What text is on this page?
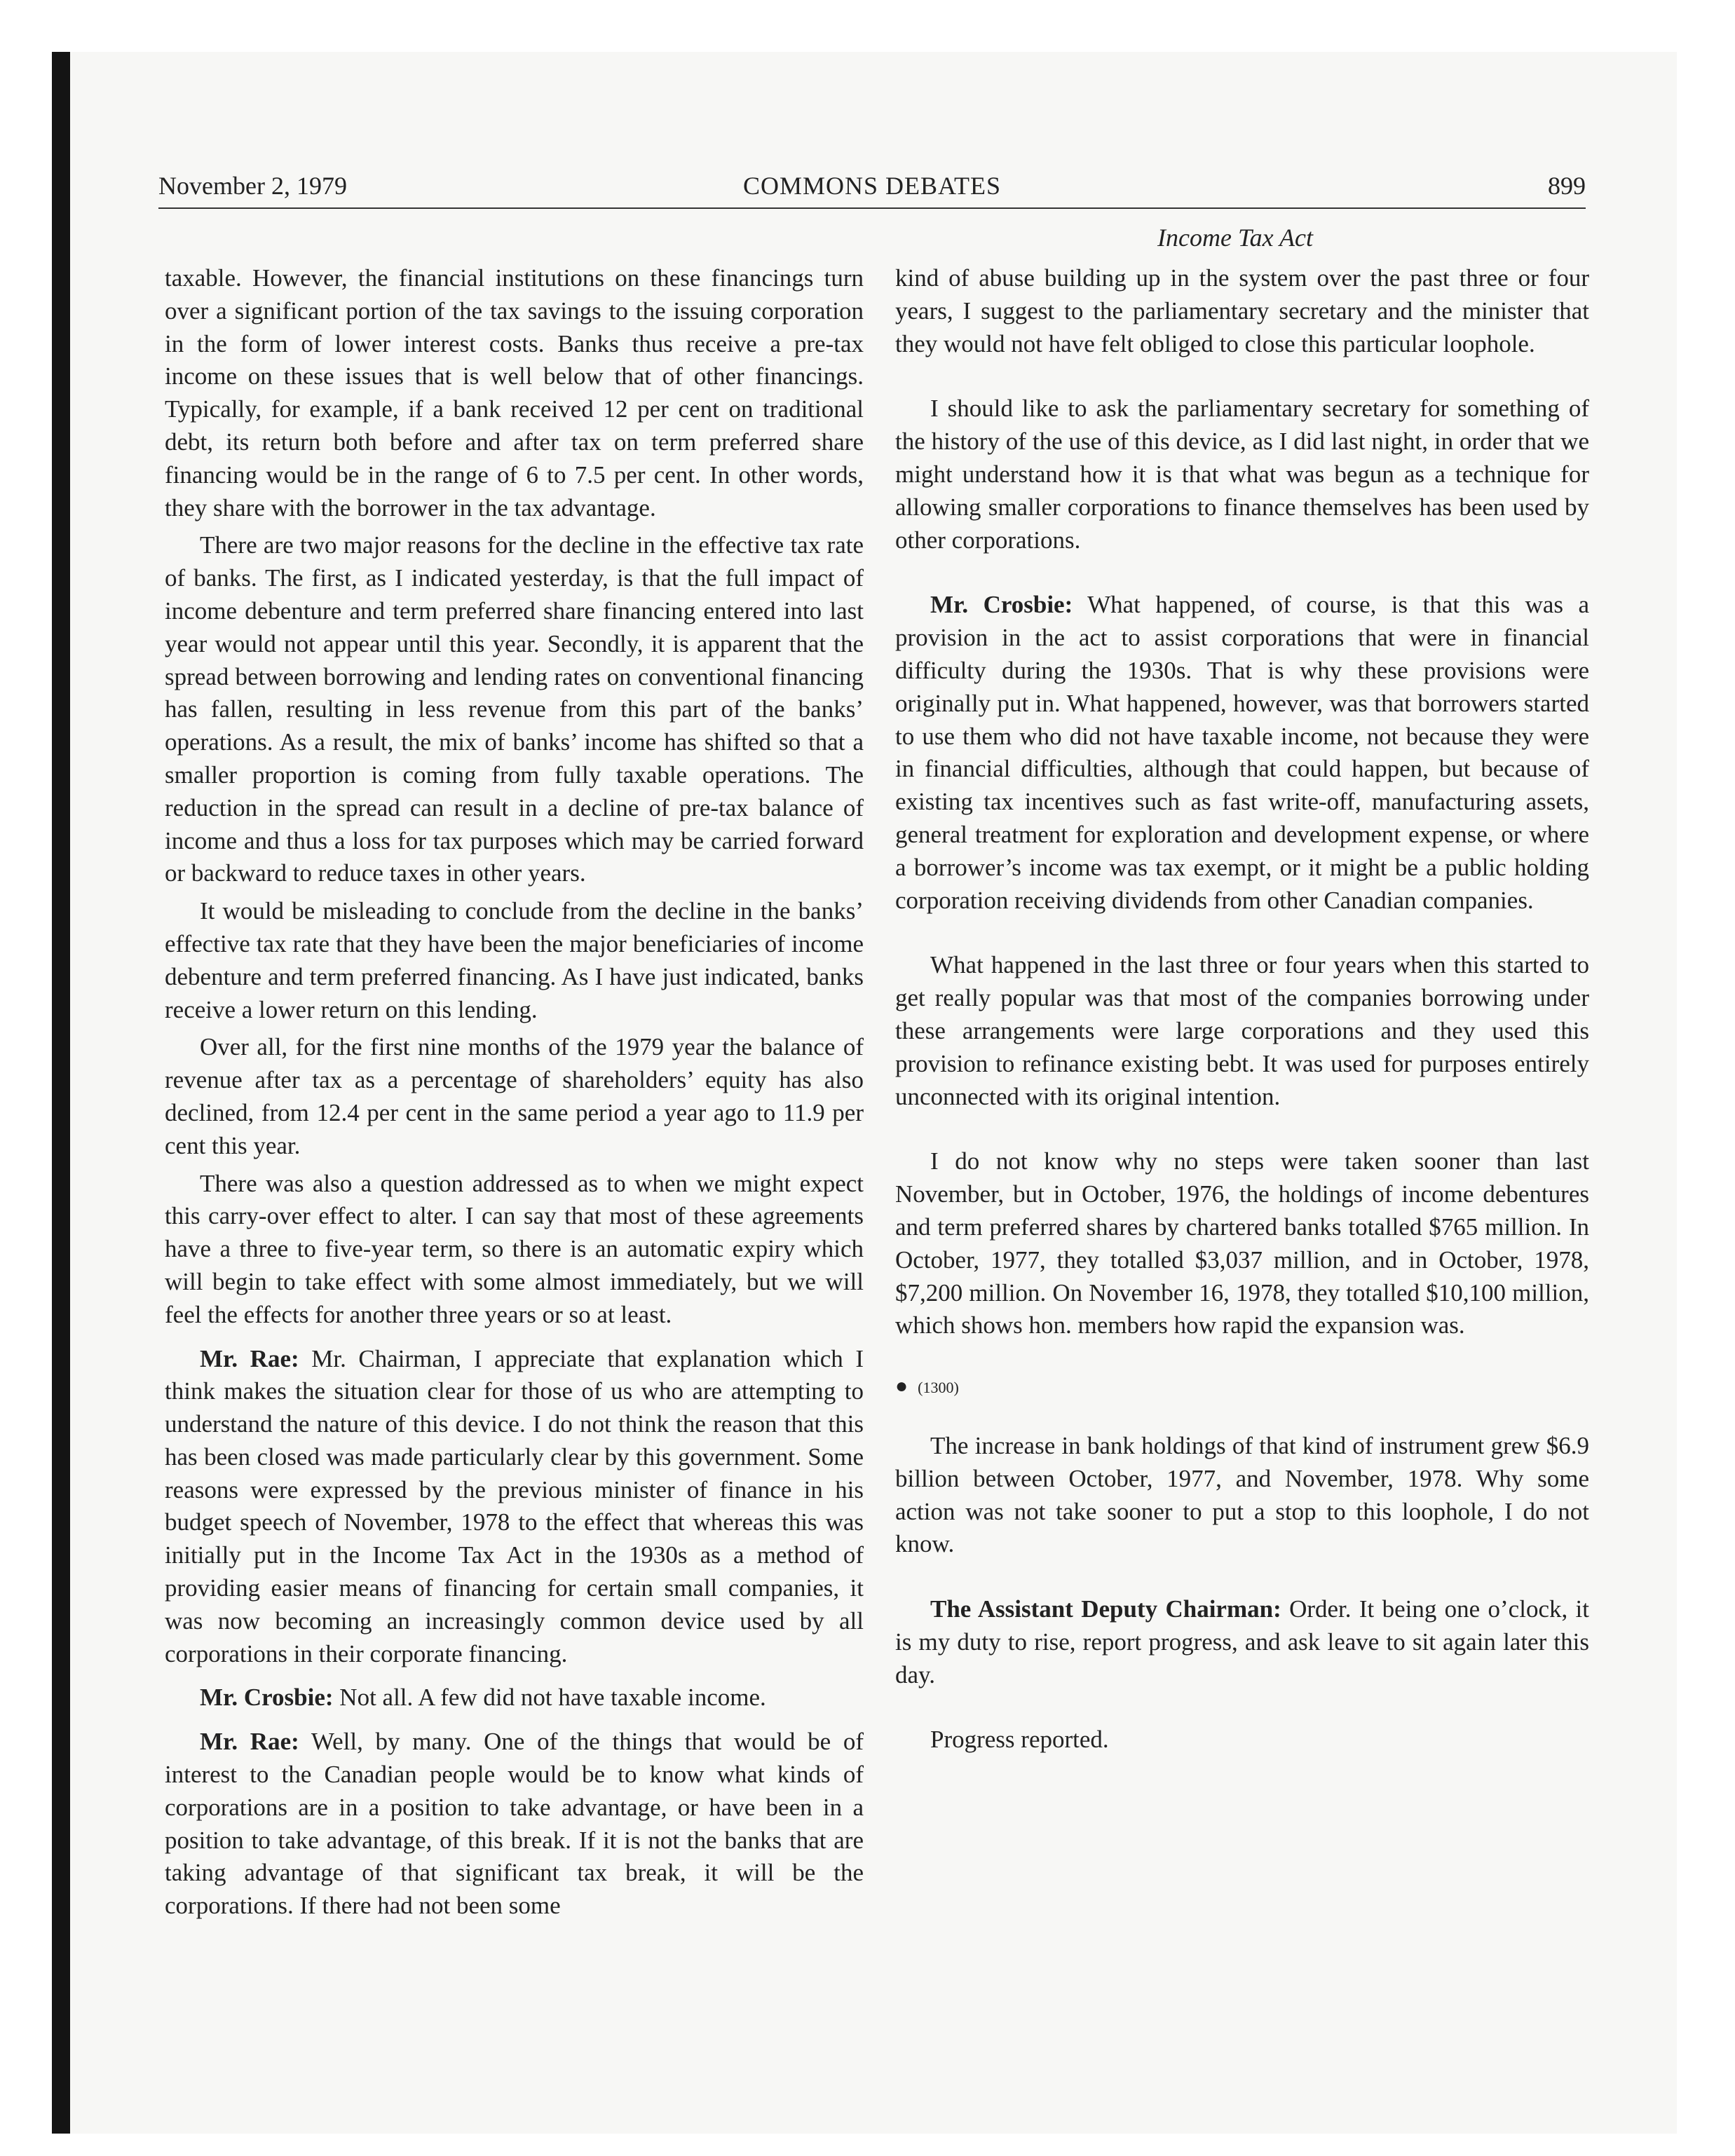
November 2, 1979	COMMONS DEBATES	899
Income Tax Act

taxable. However, the financial institutions on these financings turn over a significant portion of the tax savings to the issuing corporation in the form of lower interest costs. Banks thus receive a pre-tax income on these issues that is well below that of other financings. Typically, for example, if a bank received 12 per cent on traditional debt, its return both before and after tax on term preferred share financing would be in the range of 6 to 7.5 per cent. In other words, they share with the borrower in the tax advantage.

There are two major reasons for the decline in the effective tax rate of banks. The first, as I indicated yesterday, is that the full impact of income debenture and term preferred share financing entered into last year would not appear until this year. Secondly, it is apparent that the spread between borrowing and lending rates on conventional financing has fallen, resulting in less revenue from this part of the banks’ operations. As a result, the mix of banks’ income has shifted so that a smaller proportion is coming from fully taxable operations. The reduction in the spread can result in a decline of pre-tax balance of income and thus a loss for tax purposes which may be carried forward or backward to reduce taxes in other years.

It would be misleading to conclude from the decline in the banks’ effective tax rate that they have been the major beneficiaries of income debenture and term preferred financing. As I have just indicated, banks receive a lower return on this lending.

Over all, for the first nine months of the 1979 year the balance of revenue after tax as a percentage of shareholders’ equity has also declined, from 12.4 per cent in the same period a year ago to 11.9 per cent this year.

There was also a question addressed as to when we might expect this carry-over effect to alter. I can say that most of these agreements have a three to five-year term, so there is an automatic expiry which will begin to take effect with some almost immediately, but we will feel the effects for another three years or so at least.

Mr. Rae: Mr. Chairman, I appreciate that explanation which I think makes the situation clear for those of us who are attempting to understand the nature of this device. I do not think the reason that this has been closed was made particularly clear by this government. Some reasons were expressed by the previous minister of finance in his budget speech of November, 1978 to the effect that whereas this was initially put in the Income Tax Act in the 1930s as a method of providing easier means of financing for certain small companies, it was now becoming an increasingly common device used by all corporations in their corporate financing.

Mr. Crosbie: Not all. A few did not have taxable income.

Mr. Rae: Well, by many. One of the things that would be of interest to the Canadian people would be to know what kinds of corporations are in a position to take advantage, or have been in a position to take advantage, of this break. If it is not the banks that are taking advantage of that significant tax break, it will be the corporations. If there had not been some

kind of abuse building up in the system over the past three or four years, I suggest to the parliamentary secretary and the minister that they would not have felt obliged to close this particular loophole.

I should like to ask the parliamentary secretary for something of the history of the use of this device, as I did last night, in order that we might understand how it is that what was begun as a technique for allowing smaller corporations to finance themselves has been used by other corporations.

Mr. Crosbie: What happened, of course, is that this was a provision in the act to assist corporations that were in financial difficulty during the 1930s. That is why these provisions were originally put in. What happened, however, was that borrowers started to use them who did not have taxable income, not because they were in financial difficulties, although that could happen, but because of existing tax incentives such as fast write-off, manufacturing assets, general treatment for exploration and development expense, or where a borrower’s income was tax exempt, or it might be a public holding corporation receiving dividends from other Canadian companies.

What happened in the last three or four years when this started to get really popular was that most of the companies borrowing under these arrangements were large corporations and they used this provision to refinance existing bebt. It was used for purposes entirely unconnected with its original intention.

I do not know why no steps were taken sooner than last November, but in October, 1976, the holdings of income debentures and term preferred shares by chartered banks totalled $765 million. In October, 1977, they totalled $3,037 million, and in October, 1978, $7,200 million. On November 16, 1978, they totalled $10,100 million, which shows hon. members how rapid the expansion was.

● (1300)

The increase in bank holdings of that kind of instrument grew $6.9 billion between October, 1977, and November, 1978. Why some action was not take sooner to put a stop to this loophole, I do not know.

The Assistant Deputy Chairman: Order. It being one o’clock, it is my duty to rise, report progress, and ask leave to sit again later this day.

Progress reported.
